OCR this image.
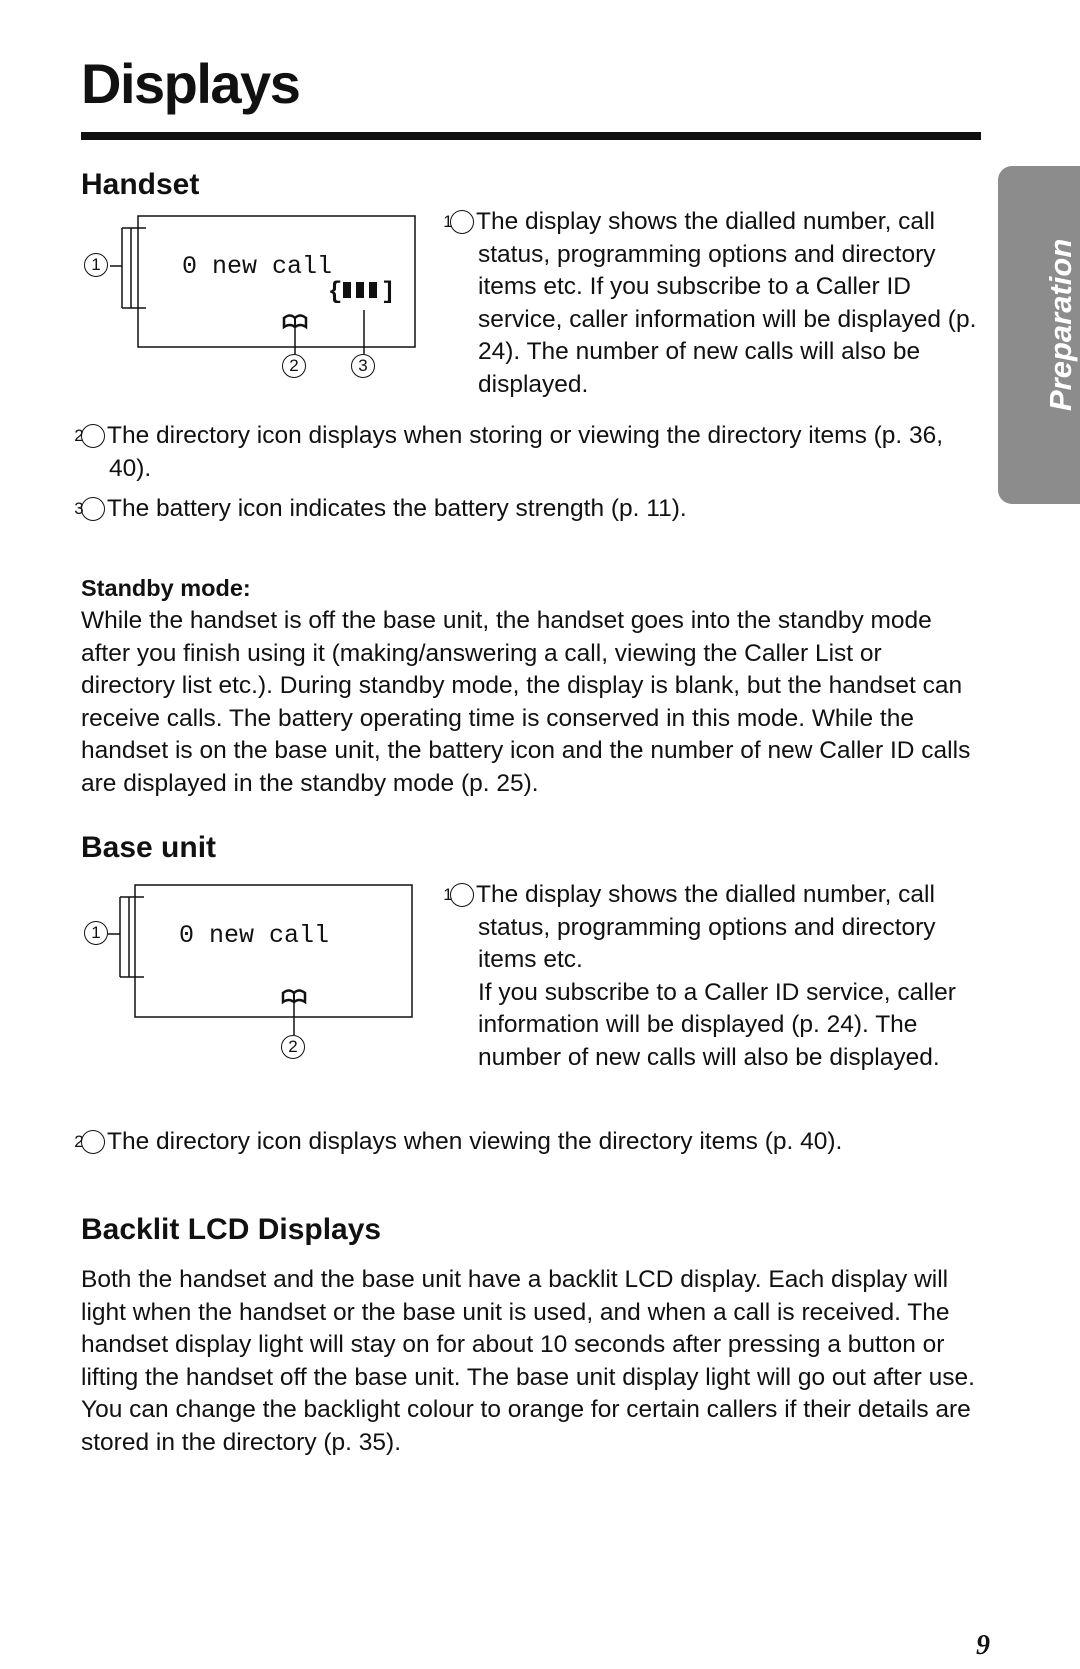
Displays
Preparation
Handset
{ ]
0 new call
1
2	3

1 The display shows the dialled number, call status, programming options and directory items etc. If you subscribe to a Caller ID service, caller information will be displayed (p. 24). The number of new calls will also be displayed.

2 The directory icon displays when storing or viewing the directory items (p. 36, 40).

3 The battery icon indicates the battery strength (p. 11).

Standby mode:
While the handset is off the base unit, the handset goes into the standby mode after you finish using it (making/answering a call, viewing the Caller List or directory list etc.). During standby mode, the display is blank, but the handset can receive calls. The battery operating time is conserved in this mode. While the handset is on the base unit, the battery icon and the number of new Caller ID calls are displayed in the standby mode (p. 25).
Base unit
0 new call
1
2

1 The display shows the dialled number, call status, programming options and directory items etc.

If you subscribe to a Caller ID service, caller information will be displayed (p. 24). The number of new calls will also be displayed.

2 The directory icon displays when viewing the directory items (p. 40).

Backlit LCD Displays

Both the handset and the base unit have a backlit LCD display. Each display will light when the handset or the base unit is used, and when a call is received. The handset display light will stay on for about 10 seconds after pressing a button or lifting the handset off the base unit. The base unit display light will go out after use.

You can change the backlight colour to orange for certain callers if their details are stored in the directory (p. 35).

9
